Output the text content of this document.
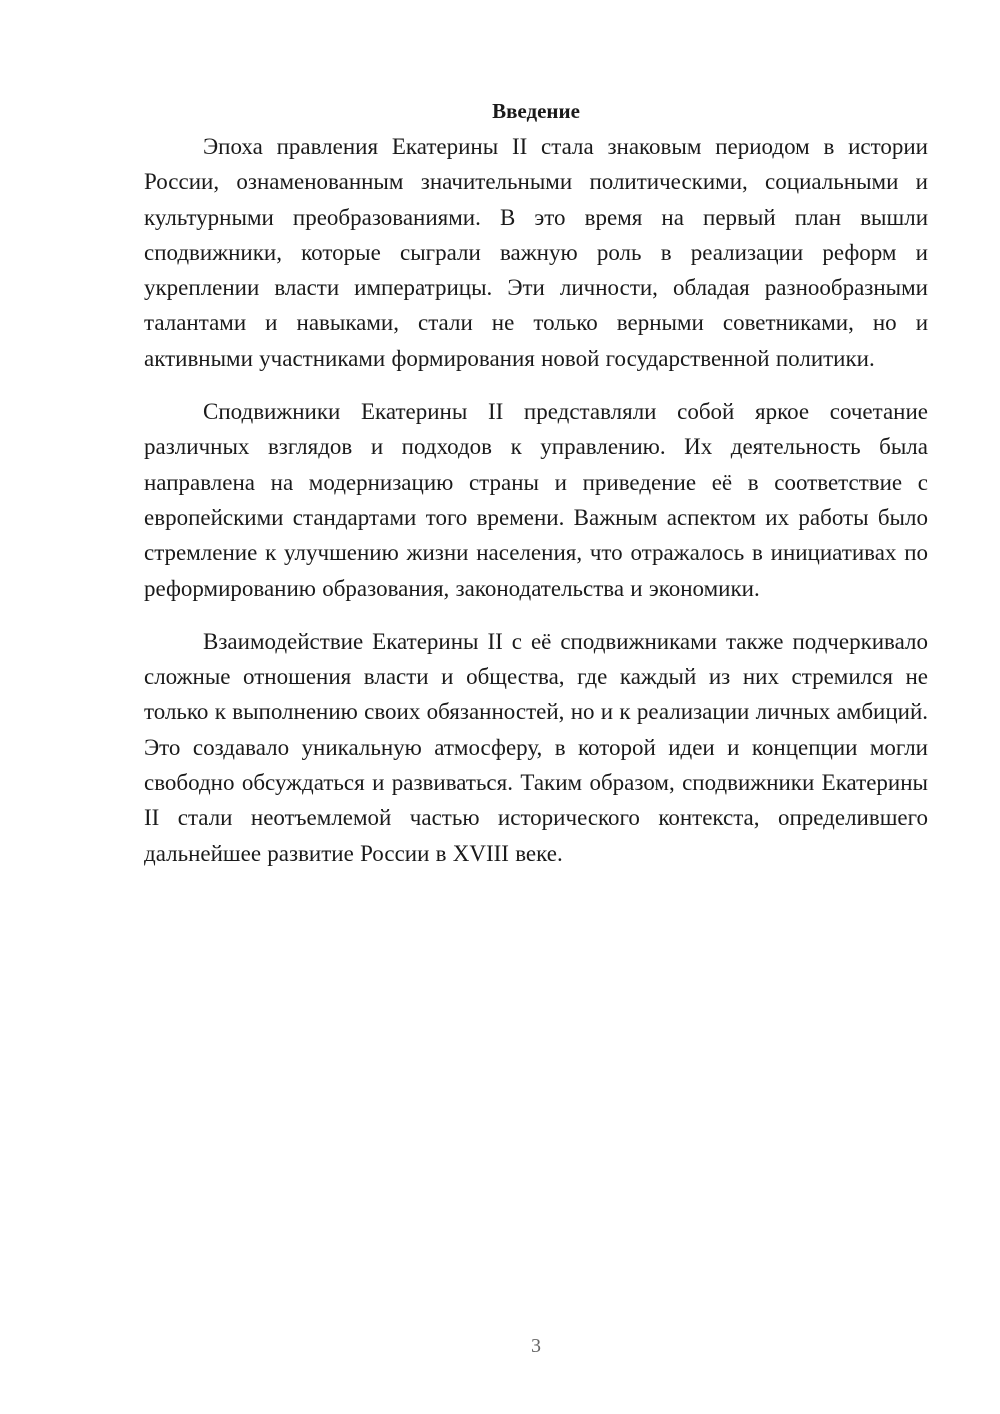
Введение

Эпоха правления Екатерины II стала знаковым периодом в истории России, ознаменованным значительными политическими, социальными и культурными преобразованиями. В это время на первый план вышли сподвижники, которые сыграли важную роль в реализации реформ и укреплении власти императрицы. Эти личности, обладая разнообразными талантами и навыками, стали не только верными советниками, но и активными участниками формирования новой государственной политики.

Сподвижники Екатерины II представляли собой яркое сочетание различных взглядов и подходов к управлению. Их деятельность была направлена на модернизацию страны и приведение её в соответствие с европейскими стандартами того времени. Важным аспектом их работы было стремление к улучшению жизни населения, что отражалось в инициативах по реформированию образования, законодательства и экономики.

Взаимодействие Екатерины II с её сподвижниками также подчеркивало сложные отношения власти и общества, где каждый из них стремился не только к выполнению своих обязанностей, но и к реализации личных амбиций. Это создавало уникальную атмосферу, в которой идеи и концепции могли свободно обсуждаться и развиваться. Таким образом, сподвижники Екатерины II стали неотъемлемой частью исторического контекста, определившего дальнейшее развитие России в XVIII веке.

3
